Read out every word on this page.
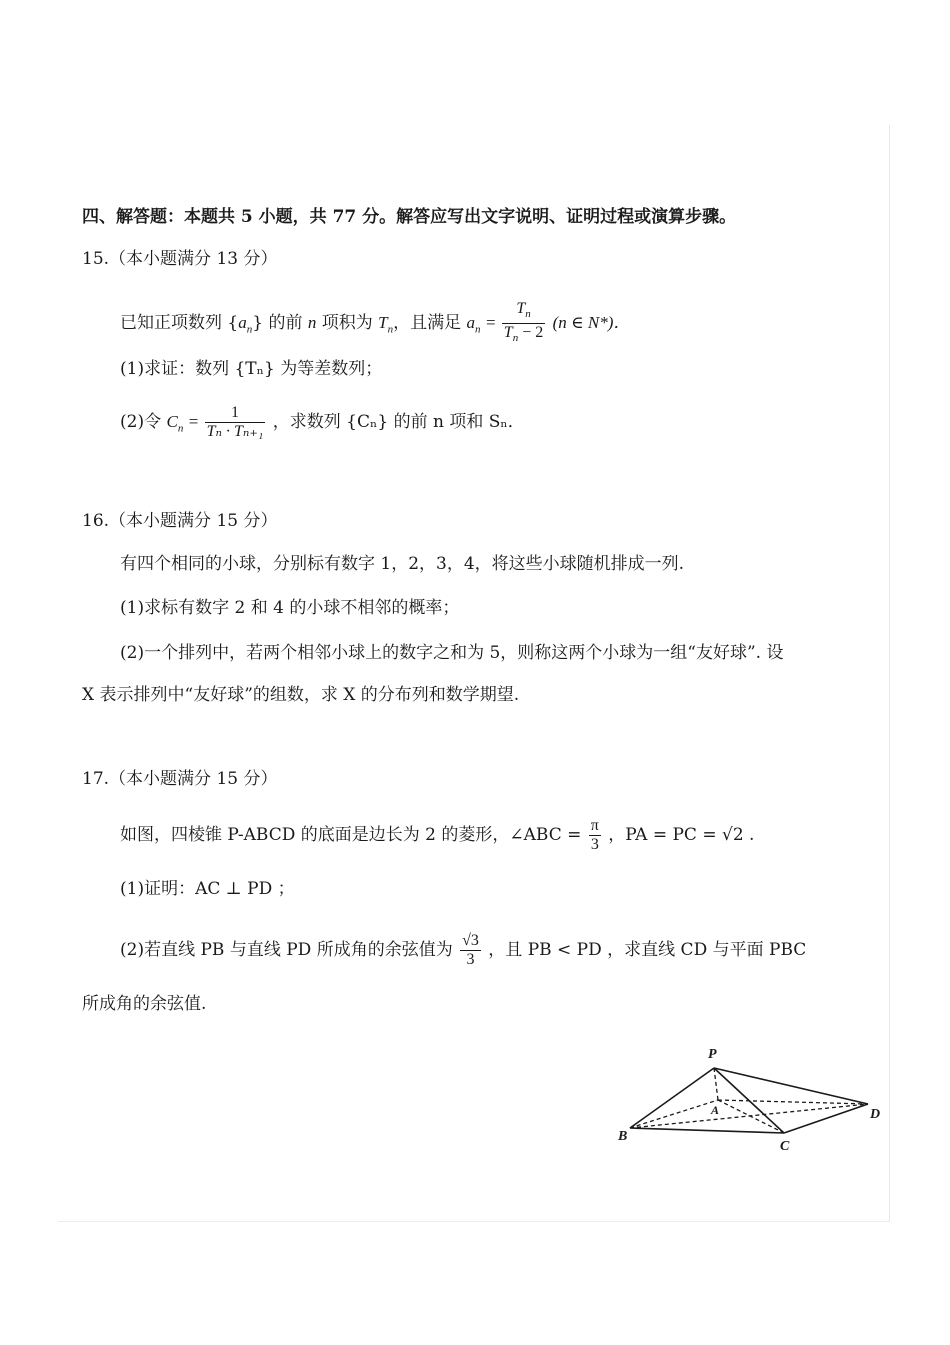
四、解答题：本题共 5 小题，共 77 分。解答应写出文字说明、证明过程或演算步骤。
15.（本小题满分 13 分）
已知正项数列 $\{a_n\}$ 的前 n 项积为 $T_n$，且满足 $a_n = \frac{T_n}{T_n - 2} (n$ ∈ N*)．
(1)求证：数列 {Tₙ} 为等差数列；
(2)令 $C_n = \frac{1}{\text{Tₙ · Tₙ₊₁}}$ ，求数列 {Cₙ} 的前 n 项和 Sₙ．
16.（本小题满分 15 分）
有四个相同的小球，分别标有数字 1，2，3，4，将这些小球随机排成一列.
(1)求标有数字 2 和 4 的小球不相邻的概率；
(2)一个排列中，若两个相邻小球上的数字之和为 5，则称这两个小球为一组“友好球”. 设
X 表示排列中“友好球”的组数，求 X 的分布列和数学期望.
17.（本小题满分 15 分）
如图，四棱锥 P-ABCD 的底面是边长为 2 的菱形，∠ABC = $\frac{\pi}{3}$ ，PA = PC = √2 .
(1)证明：AC ⊥ PD ；
(2)若直线 PB 与直线 PD 所成角的余弦值为 $\frac{√3}{3}$ ，且 PB < PD ，求直线 CD 与平面 PBC
所成角的余弦值.
P
A
B
C
D
